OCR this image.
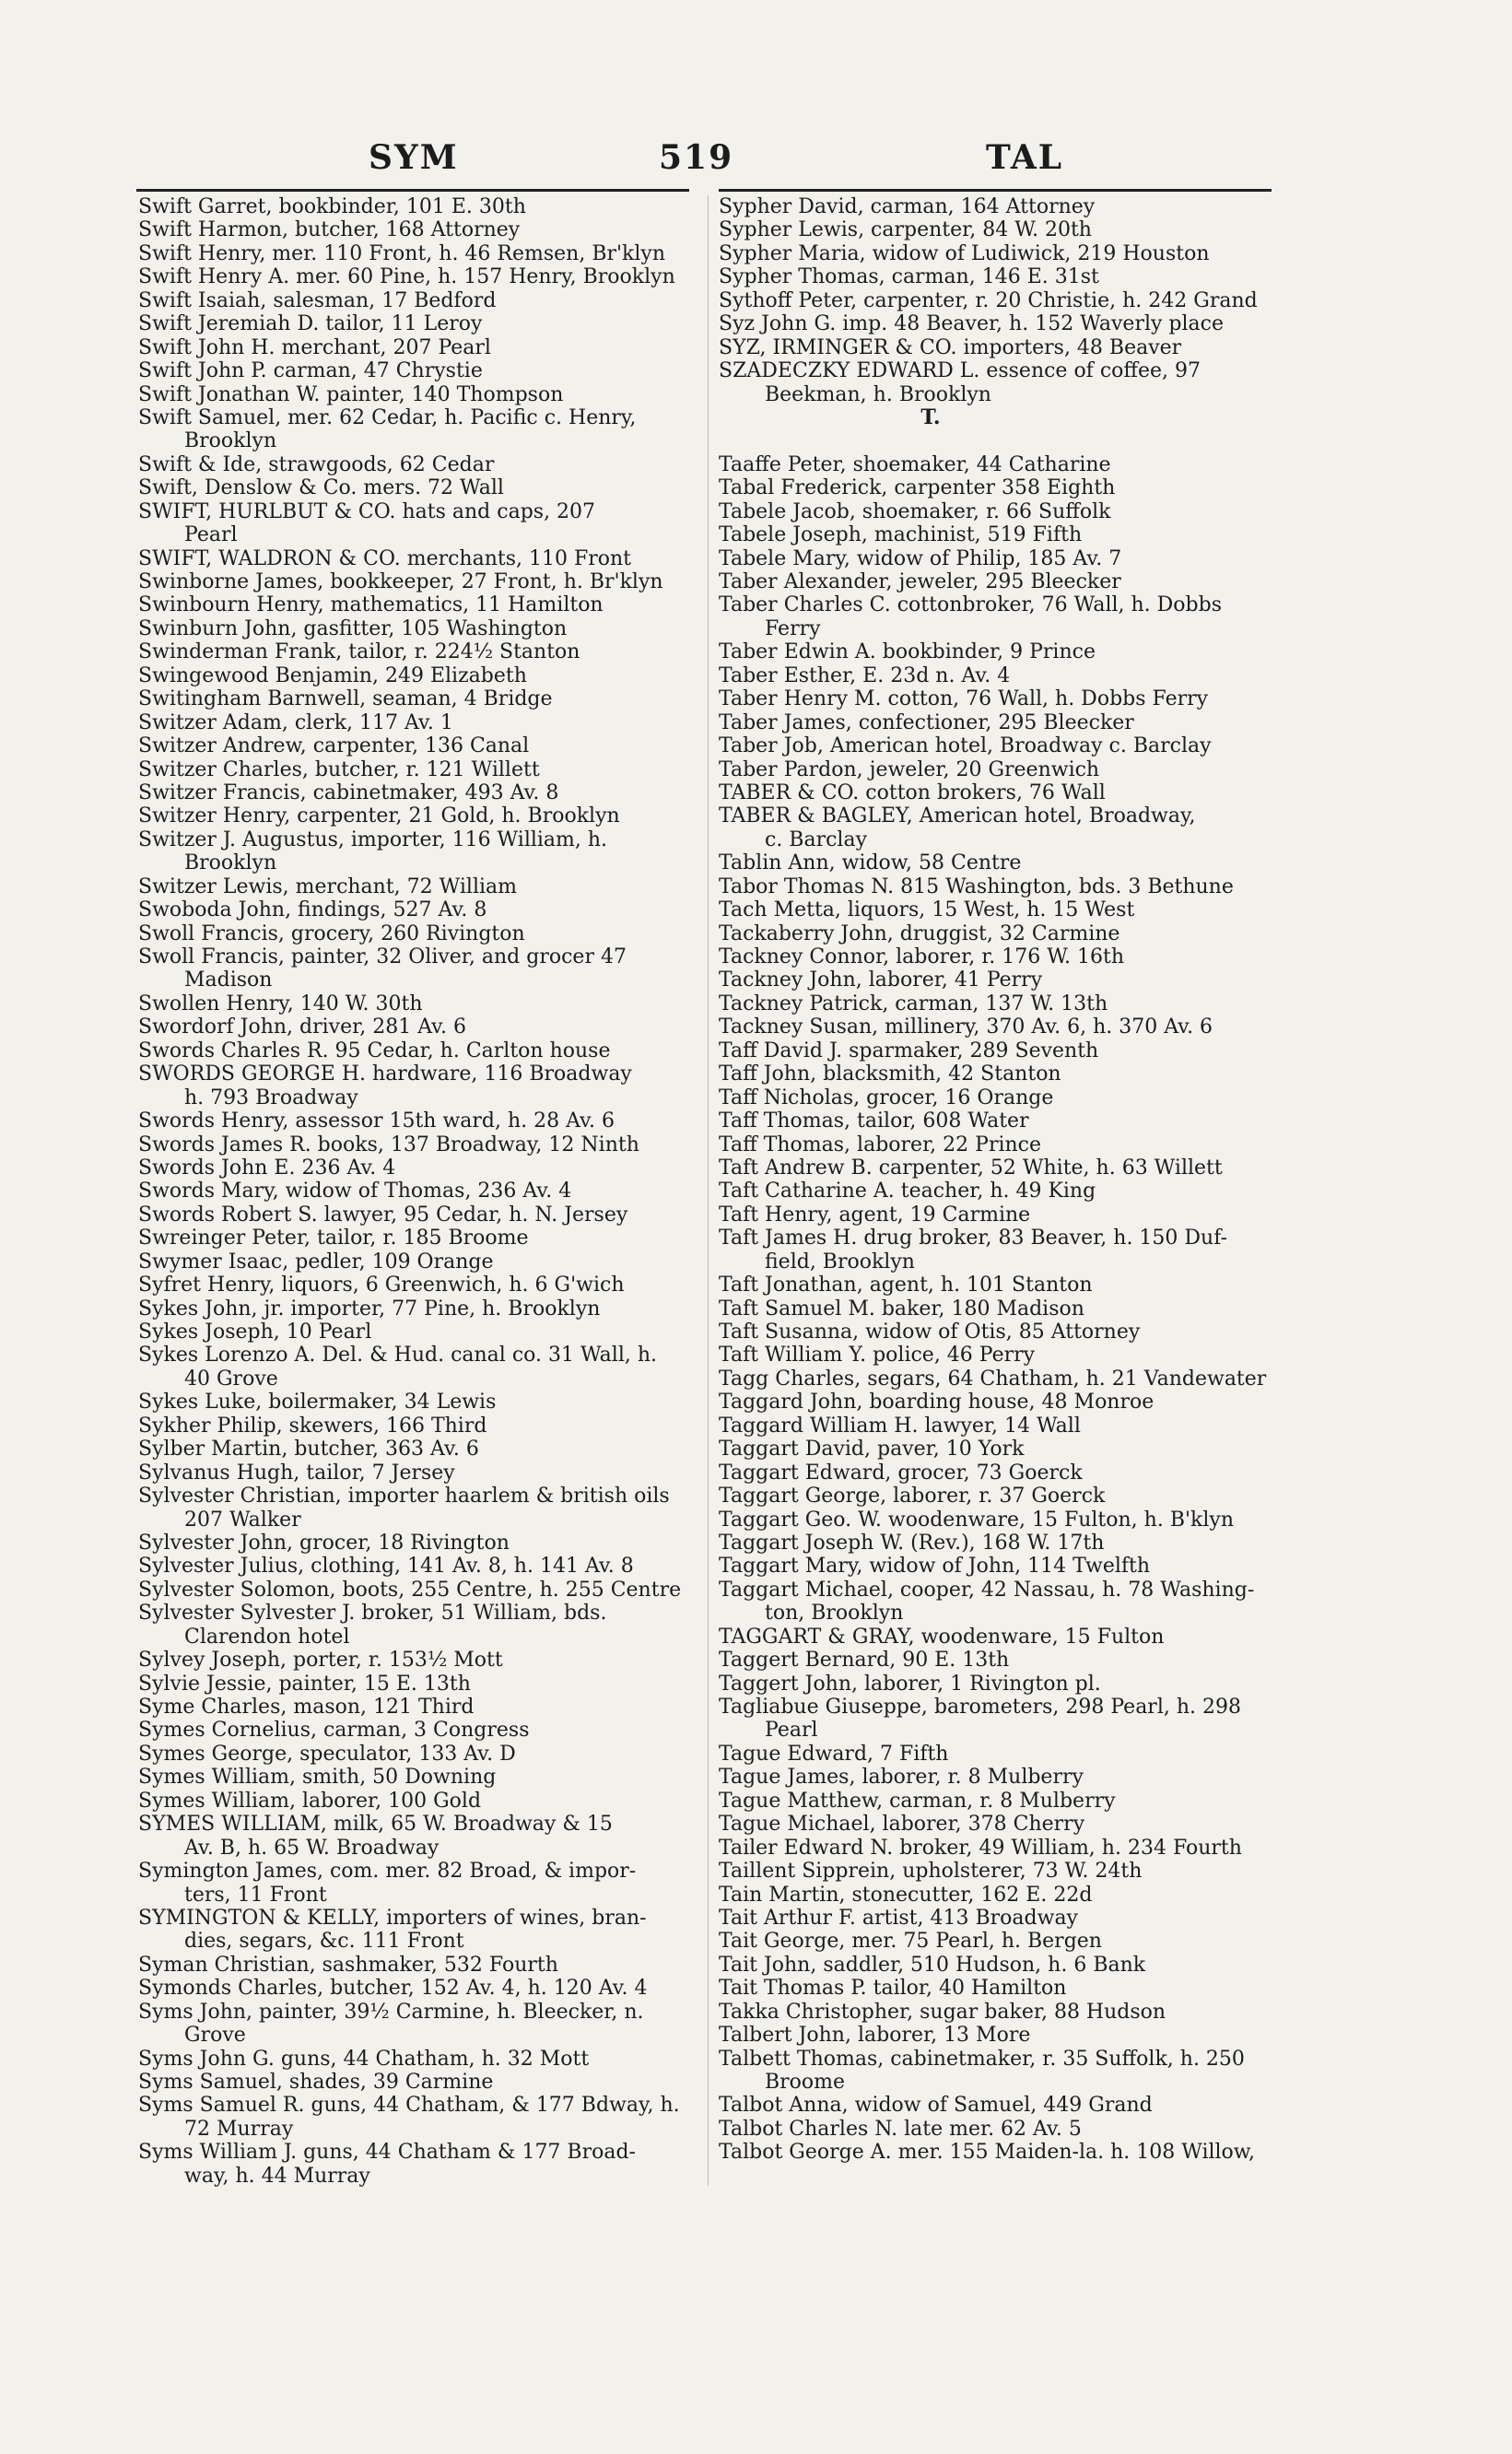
SYM	519	TAL
Swift Garret, bookbinder, 101 E. 30th
Swift Harmon, butcher, 168 Attorney
Swift Henry, mer. 110 Front, h. 46 Remsen, Br'klyn
Swift Henry A. mer. 60 Pine, h. 157 Henry, Brooklyn
Swift Isaiah, salesman, 17 Bedford
Swift Jeremiah D. tailor, 11 Leroy
Swift John H. merchant, 207 Pearl
Swift John P. carman, 47 Chrystie
Swift Jonathan W. painter, 140 Thompson
Swift Samuel, mer. 62 Cedar, h. Pacific c. Henry,
Brooklyn
Swift & Ide, strawgoods, 62 Cedar
Swift, Denslow & Co. mers. 72 Wall
SWIFT, HURLBUT & CO. hats and caps, 207
Pearl
SWIFT, WALDRON & CO. merchants, 110 Front
Swinborne James, bookkeeper, 27 Front, h. Br'klyn
Swinbourn Henry, mathematics, 11 Hamilton
Swinburn John, gasfitter, 105 Washington
Swinderman Frank, tailor, r. 224½ Stanton
Swingewood Benjamin, 249 Elizabeth
Switingham Barnwell, seaman, 4 Bridge
Switzer Adam, clerk, 117 Av. 1
Switzer Andrew, carpenter, 136 Canal
Switzer Charles, butcher, r. 121 Willett
Switzer Francis, cabinetmaker, 493 Av. 8
Switzer Henry, carpenter, 21 Gold, h. Brooklyn
Switzer J. Augustus, importer, 116 William, h.
Brooklyn
Switzer Lewis, merchant, 72 William
Swoboda John, findings, 527 Av. 8
Swoll Francis, grocery, 260 Rivington
Swoll Francis, painter, 32 Oliver, and grocer 47
Madison
Swollen Henry, 140 W. 30th
Swordorf John, driver, 281 Av. 6
Swords Charles R. 95 Cedar, h. Carlton house
SWORDS GEORGE H. hardware, 116 Broadway
h. 793 Broadway
Swords Henry, assessor 15th ward, h. 28 Av. 6
Swords James R. books, 137 Broadway, 12 Ninth
Swords John E. 236 Av. 4
Swords Mary, widow of Thomas, 236 Av. 4
Swords Robert S. lawyer, 95 Cedar, h. N. Jersey
Swreinger Peter, tailor, r. 185 Broome
Swymer Isaac, pedler, 109 Orange
Syfret Henry, liquors, 6 Greenwich, h. 6 G'wich
Sykes John, jr. importer, 77 Pine, h. Brooklyn
Sykes Joseph, 10 Pearl
Sykes Lorenzo A. Del. & Hud. canal co. 31 Wall, h.
40 Grove
Sykes Luke, boilermaker, 34 Lewis
Sykher Philip, skewers, 166 Third
Sylber Martin, butcher, 363 Av. 6
Sylvanus Hugh, tailor, 7 Jersey
Sylvester Christian, importer haarlem & british oils
207 Walker
Sylvester John, grocer, 18 Rivington
Sylvester Julius, clothing, 141 Av. 8, h. 141 Av. 8
Sylvester Solomon, boots, 255 Centre, h. 255 Centre
Sylvester Sylvester J. broker, 51 William, bds.
Clarendon hotel
Sylvey Joseph, porter, r. 153½ Mott
Sylvie Jessie, painter, 15 E. 13th
Syme Charles, mason, 121 Third
Symes Cornelius, carman, 3 Congress
Symes George, speculator, 133 Av. D
Symes William, smith, 50 Downing
Symes William, laborer, 100 Gold
SYMES WILLIAM, milk, 65 W. Broadway & 15
Av. B, h. 65 W. Broadway
Symington James, com. mer. 82 Broad, & impor-
ters, 11 Front
SYMINGTON & KELLY, importers of wines, bran-
dies, segars, &c. 111 Front
Syman Christian, sashmaker, 532 Fourth
Symonds Charles, butcher, 152 Av. 4, h. 120 Av. 4
Syms John, painter, 39½ Carmine, h. Bleecker, n.
Grove
Syms John G. guns, 44 Chatham, h. 32 Mott
Syms Samuel, shades, 39 Carmine
Syms Samuel R. guns, 44 Chatham, & 177 Bdway, h.
72 Murray
Syms William J. guns, 44 Chatham & 177 Broad-
way, h. 44 Murray
Sypher David, carman, 164 Attorney
Sypher Lewis, carpenter, 84 W. 20th
Sypher Maria, widow of Ludiwick, 219 Houston
Sypher Thomas, carman, 146 E. 31st
Sythoff Peter, carpenter, r. 20 Christie, h. 242 Grand
Syz John G. imp. 48 Beaver, h. 152 Waverly place
SYZ, IRMINGER & CO. importers, 48 Beaver
SZADECZKY EDWARD L. essence of coffee, 97
Beekman, h. Brooklyn
T.
Taaffe Peter, shoemaker, 44 Catharine
Tabal Frederick, carpenter 358 Eighth
Tabele Jacob, shoemaker, r. 66 Suffolk
Tabele Joseph, machinist, 519 Fifth
Tabele Mary, widow of Philip, 185 Av. 7
Taber Alexander, jeweler, 295 Bleecker
Taber Charles C. cottonbroker, 76 Wall, h. Dobbs
Ferry
Taber Edwin A. bookbinder, 9 Prince
Taber Esther, E. 23d n. Av. 4
Taber Henry M. cotton, 76 Wall, h. Dobbs Ferry
Taber James, confectioner, 295 Bleecker
Taber Job, American hotel, Broadway c. Barclay
Taber Pardon, jeweler, 20 Greenwich
TABER & CO. cotton brokers, 76 Wall
TABER & BAGLEY, American hotel, Broadway,
c. Barclay
Tablin Ann, widow, 58 Centre
Tabor Thomas N. 815 Washington, bds. 3 Bethune
Tach Metta, liquors, 15 West, h. 15 West
Tackaberry John, druggist, 32 Carmine
Tackney Connor, laborer, r. 176 W. 16th
Tackney John, laborer, 41 Perry
Tackney Patrick, carman, 137 W. 13th
Tackney Susan, millinery, 370 Av. 6, h. 370 Av. 6
Taff David J. sparmaker, 289 Seventh
Taff John, blacksmith, 42 Stanton
Taff Nicholas, grocer, 16 Orange
Taff Thomas, tailor, 608 Water
Taff Thomas, laborer, 22 Prince
Taft Andrew B. carpenter, 52 White, h. 63 Willett
Taft Catharine A. teacher, h. 49 King
Taft Henry, agent, 19 Carmine
Taft James H. drug broker, 83 Beaver, h. 150 Duf-
field, Brooklyn
Taft Jonathan, agent, h. 101 Stanton
Taft Samuel M. baker, 180 Madison
Taft Susanna, widow of Otis, 85 Attorney
Taft William Y. police, 46 Perry
Tagg Charles, segars, 64 Chatham, h. 21 Vandewater
Taggard John, boarding house, 48 Monroe
Taggard William H. lawyer, 14 Wall
Taggart David, paver, 10 York
Taggart Edward, grocer, 73 Goerck
Taggart George, laborer, r. 37 Goerck
Taggart Geo. W. woodenware, 15 Fulton, h. B'klyn
Taggart Joseph W. (Rev.), 168 W. 17th
Taggart Mary, widow of John, 114 Twelfth
Taggart Michael, cooper, 42 Nassau, h. 78 Washing-
ton, Brooklyn
TAGGART & GRAY, woodenware, 15 Fulton
Taggert Bernard, 90 E. 13th
Taggert John, laborer, 1 Rivington pl.
Tagliabue Giuseppe, barometers, 298 Pearl, h. 298
Pearl
Tague Edward, 7 Fifth
Tague James, laborer, r. 8 Mulberry
Tague Matthew, carman, r. 8 Mulberry
Tague Michael, laborer, 378 Cherry
Tailer Edward N. broker, 49 William, h. 234 Fourth
Taillent Sipprein, upholsterer, 73 W. 24th
Tain Martin, stonecutter, 162 E. 22d
Tait Arthur F. artist, 413 Broadway
Tait George, mer. 75 Pearl, h. Bergen
Tait John, saddler, 510 Hudson, h. 6 Bank
Tait Thomas P. tailor, 40 Hamilton
Takka Christopher, sugar baker, 88 Hudson
Talbert John, laborer, 13 More
Talbett Thomas, cabinetmaker, r. 35 Suffolk, h. 250
Broome
Talbot Anna, widow of Samuel, 449 Grand
Talbot Charles N. late mer. 62 Av. 5
Talbot George A. mer. 155 Maiden-la. h. 108 Willow,
